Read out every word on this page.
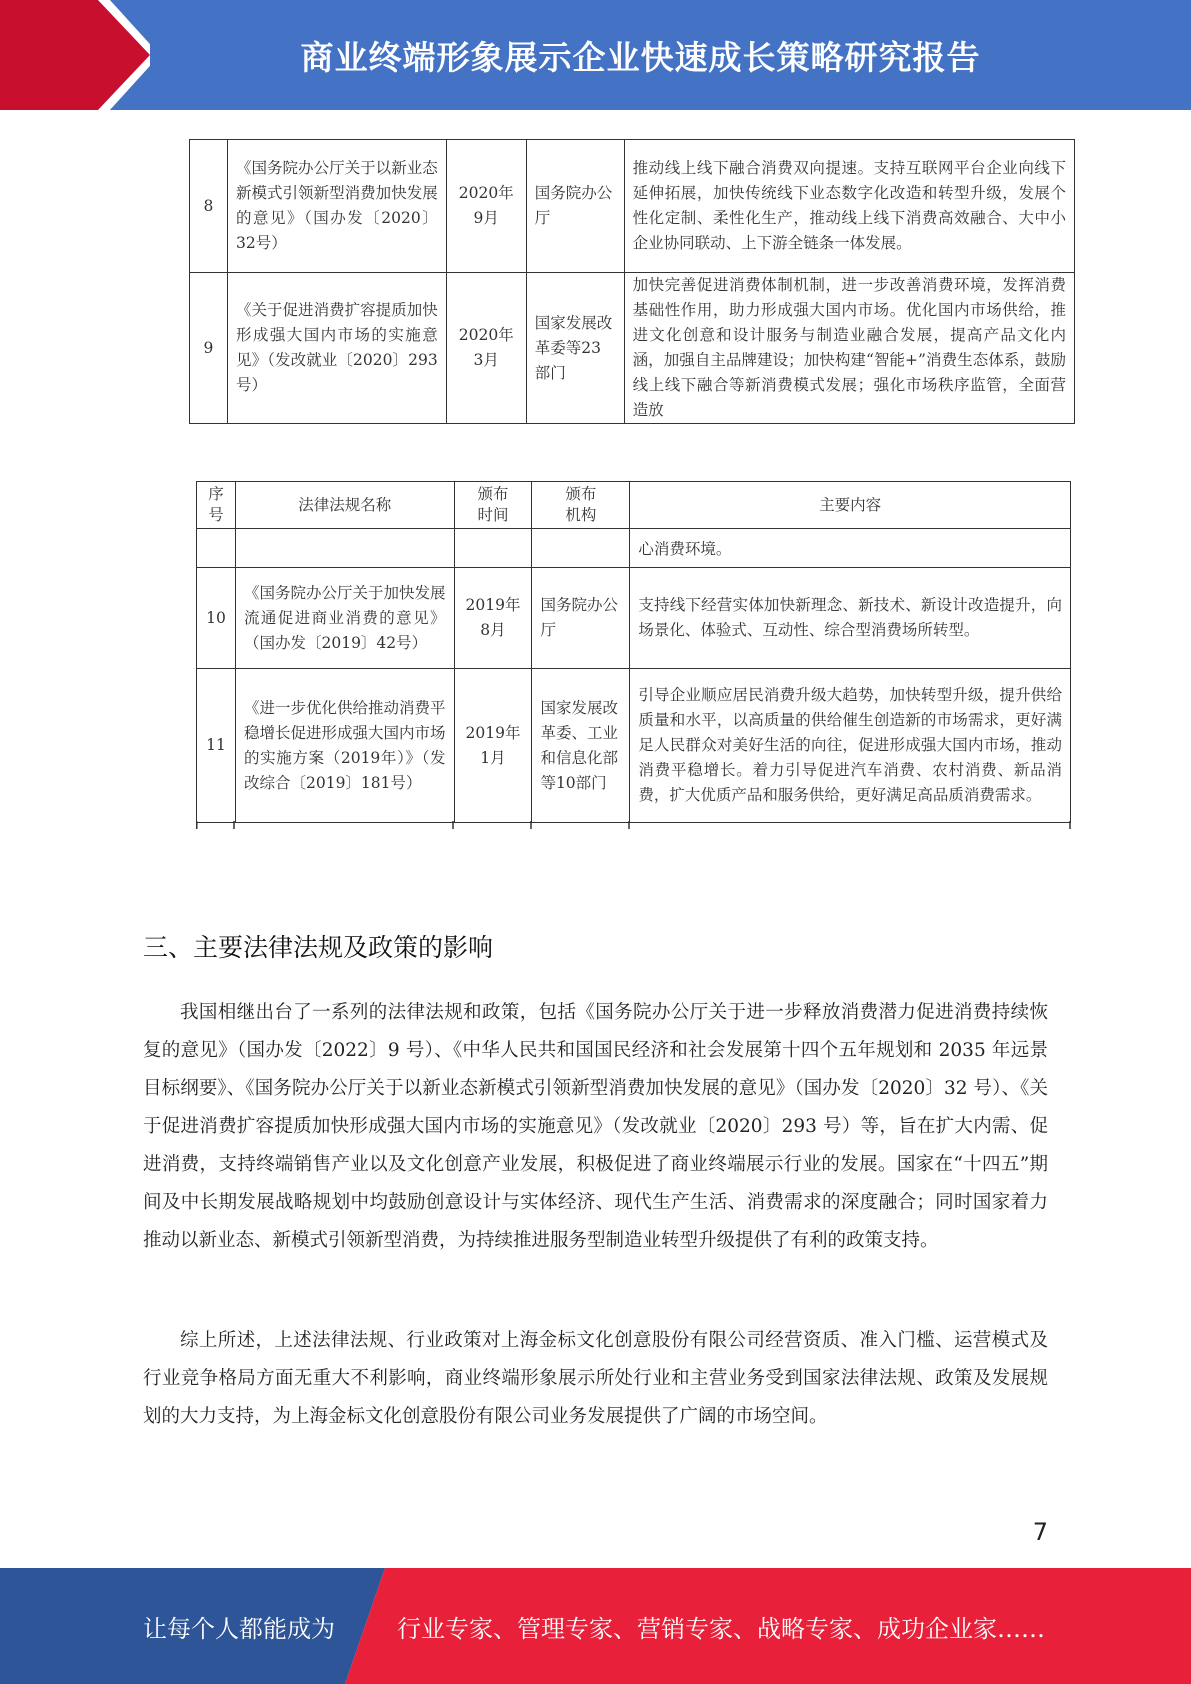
商业终端形象展示企业快速成长策略研究报告
8	《国务院办公厅关于以新业态新模式引领新型消费加快发展的意见》（国办发〔2020〕32号）	2020年9月	国务院办公厅	推动线上线下融合消费双向提速。支持互联网平台企业向线下延伸拓展，加快传统线下业态数字化改造和转型升级，发展个性化定制、柔性化生产，推动线上线下消费高效融合、大中小企业协同联动、上下游全链条一体发展。
9	《关于促进消费扩容提质加快形成强大国内市场的实施意见》（发改就业〔2020〕293号）	2020年3月	国家发展改革委等23部门	加快完善促进消费体制机制，进一步改善消费环境，发挥消费基础性作用，助力形成强大国内市场。优化国内市场供给，推进文化创意和设计服务与制造业融合发展，提高产品文化内涵，加强自主品牌建设；加快构建“智能+”消费生态体系，鼓励线上线下融合等新消费模式发展；强化市场秩序监管，全面营造放
序号	法律法规名称	颁布时间	颁布机构	主要内容
				心消费环境。
10	《国务院办公厅关于加快发展流通促进商业消费的意见》（国办发〔2019〕42号）	2019年8月	国务院办公厅	支持线下经营实体加快新理念、新技术、新设计改造提升，向场景化、体验式、互动性、综合型消费场所转型。
11	《进一步优化供给推动消费平稳增长促进形成强大国内市场的实施方案（2019年）》（发改综合〔2019〕181号）	2019年1月	国家发展改革委、工业和信息化部等10部门	引导企业顺应居民消费升级大趋势，加快转型升级，提升供给质量和水平，以高质量的供给催生创造新的市场需求，更好满足人民群众对美好生活的向往，促进形成强大国内市场，推动消费平稳增长。着力引导促进汽车消费、农村消费、新品消费，扩大优质产品和服务供给，更好满足高品质消费需求。
三、主要法律法规及政策的影响

我国相继出台了一系列的法律法规和政策，包括《国务院办公厅关于进一步释放消费潜力促进消费持续恢复的意见》（国办发〔2022〕9 号）、《中华人民共和国国民经济和社会发展第十四个五年规划和 2035 年远景目标纲要》、《国务院办公厅关于以新业态新模式引领新型消费加快发展的意见》（国办发〔2020〕32 号）、《关于促进消费扩容提质加快形成强大国内市场的实施意见》（发改就业〔2020〕293 号）等，旨在扩大内需、促进消费，支持终端销售产业以及文化创意产业发展，积极促进了商业终端展示行业的发展。国家在“十四五”期间及中长期发展战略规划中均鼓励创意设计与实体经济、现代生产生活、消费需求的深度融合；同时国家着力推动以新业态、新模式引领新型消费，为持续推进服务型制造业转型升级提供了有利的政策支持。

综上所述，上述法律法规、行业政策对上海金标文化创意股份有限公司经营资质、准入门槛、运营模式及行业竞争格局方面无重大不利影响，商业终端形象展示所处行业和主营业务受到国家法律法规、政策及发展规划的大力支持，为上海金标文化创意股份有限公司业务发展提供了广阔的市场空间。

7
让每个人都能成为	行业专家、管理专家、营销专家、战略专家、成功企业家……
